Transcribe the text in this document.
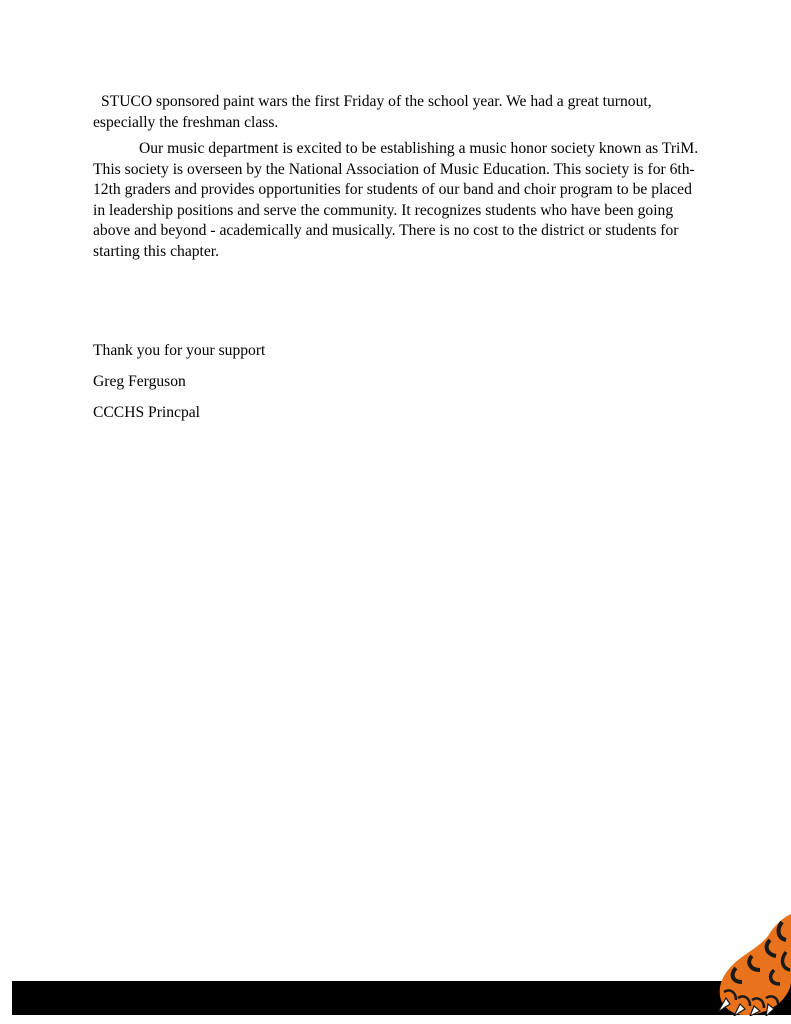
STUCO sponsored paint wars the first Friday of the school year. We had a great turnout, especially the freshman class.

Our music department is excited to be establishing a music honor society known as TriM. This society is overseen by the National Association of Music Education. This society is for 6th-12th graders and provides opportunities for students of our band and choir program to be placed in leadership positions and serve the community. It recognizes students who have been going above and beyond - academically and musically. There is no cost to the district or students for starting this chapter.

Thank you for your support

Greg Ferguson

CCCHS Princpal
